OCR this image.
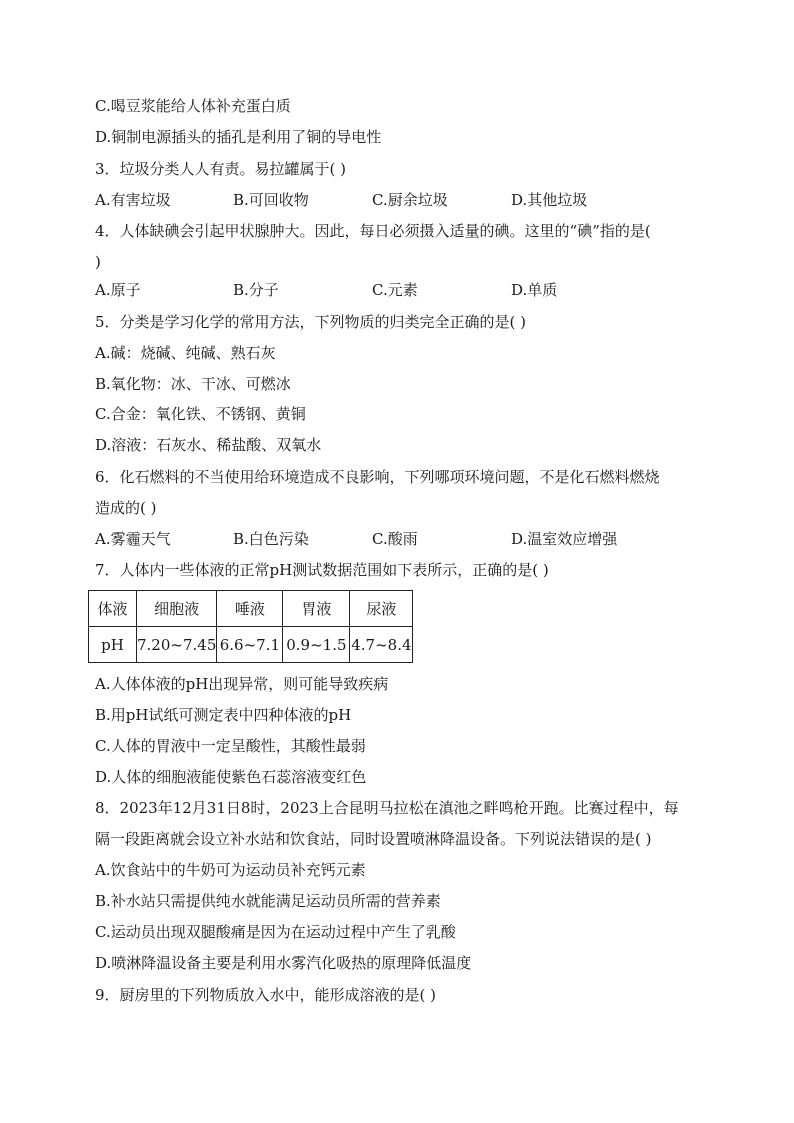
C.喝豆浆能给人体补充蛋白质
D.铜制电源插头的插孔是利用了铜的导电性
3．垃圾分类人人有责。易拉罐属于( )
A.有害垃圾	B.可回收物	C.厨余垃圾	D.其他垃圾
4．人体缺碘会引起甲状腺肿大。因此，每日必须摄入适量的碘。这里的“碘”指的是(
)
A.原子	B.分子	C.元素	D.单质
5．分类是学习化学的常用方法，下列物质的归类完全正确的是( )
A.碱：烧碱、纯碱、熟石灰
B.氧化物：冰、干冰、可燃冰
C.合金：氧化铁、不锈钢、黄铜
D.溶液：石灰水、稀盐酸、双氧水
6．化石燃料的不当使用给环境造成不良影响，下列哪项环境问题，不是化石燃料燃烧
造成的( )
A.雾霾天气	B.白色污染	C.酸雨	D.温室效应增强
7．人体内一些体液的正常pH测试数据范围如下表所示，正确的是( )
体液	细胞液	唾液	胃液	尿液
pH	7.20~7.45	6.6~7.1	0.9~1.5	4.7~8.4
A.人体体液的pH出现异常，则可能导致疾病
B.用pH试纸可测定表中四种体液的pH
C.人体的胃液中一定呈酸性，其酸性最弱
D.人体的细胞液能使紫色石蕊溶液变红色
8．2023年12月31日8时，2023上合昆明马拉松在滇池之畔鸣枪开跑。比赛过程中，每
隔一段距离就会设立补水站和饮食站，同时设置喷淋降温设备。下列说法错误的是( )
A.饮食站中的牛奶可为运动员补充钙元素
B.补水站只需提供纯水就能满足运动员所需的营养素
C.运动员出现双腿酸痛是因为在运动过程中产生了乳酸
D.喷淋降温设备主要是利用水雾汽化吸热的原理降低温度
9．厨房里的下列物质放入水中，能形成溶液的是( )
